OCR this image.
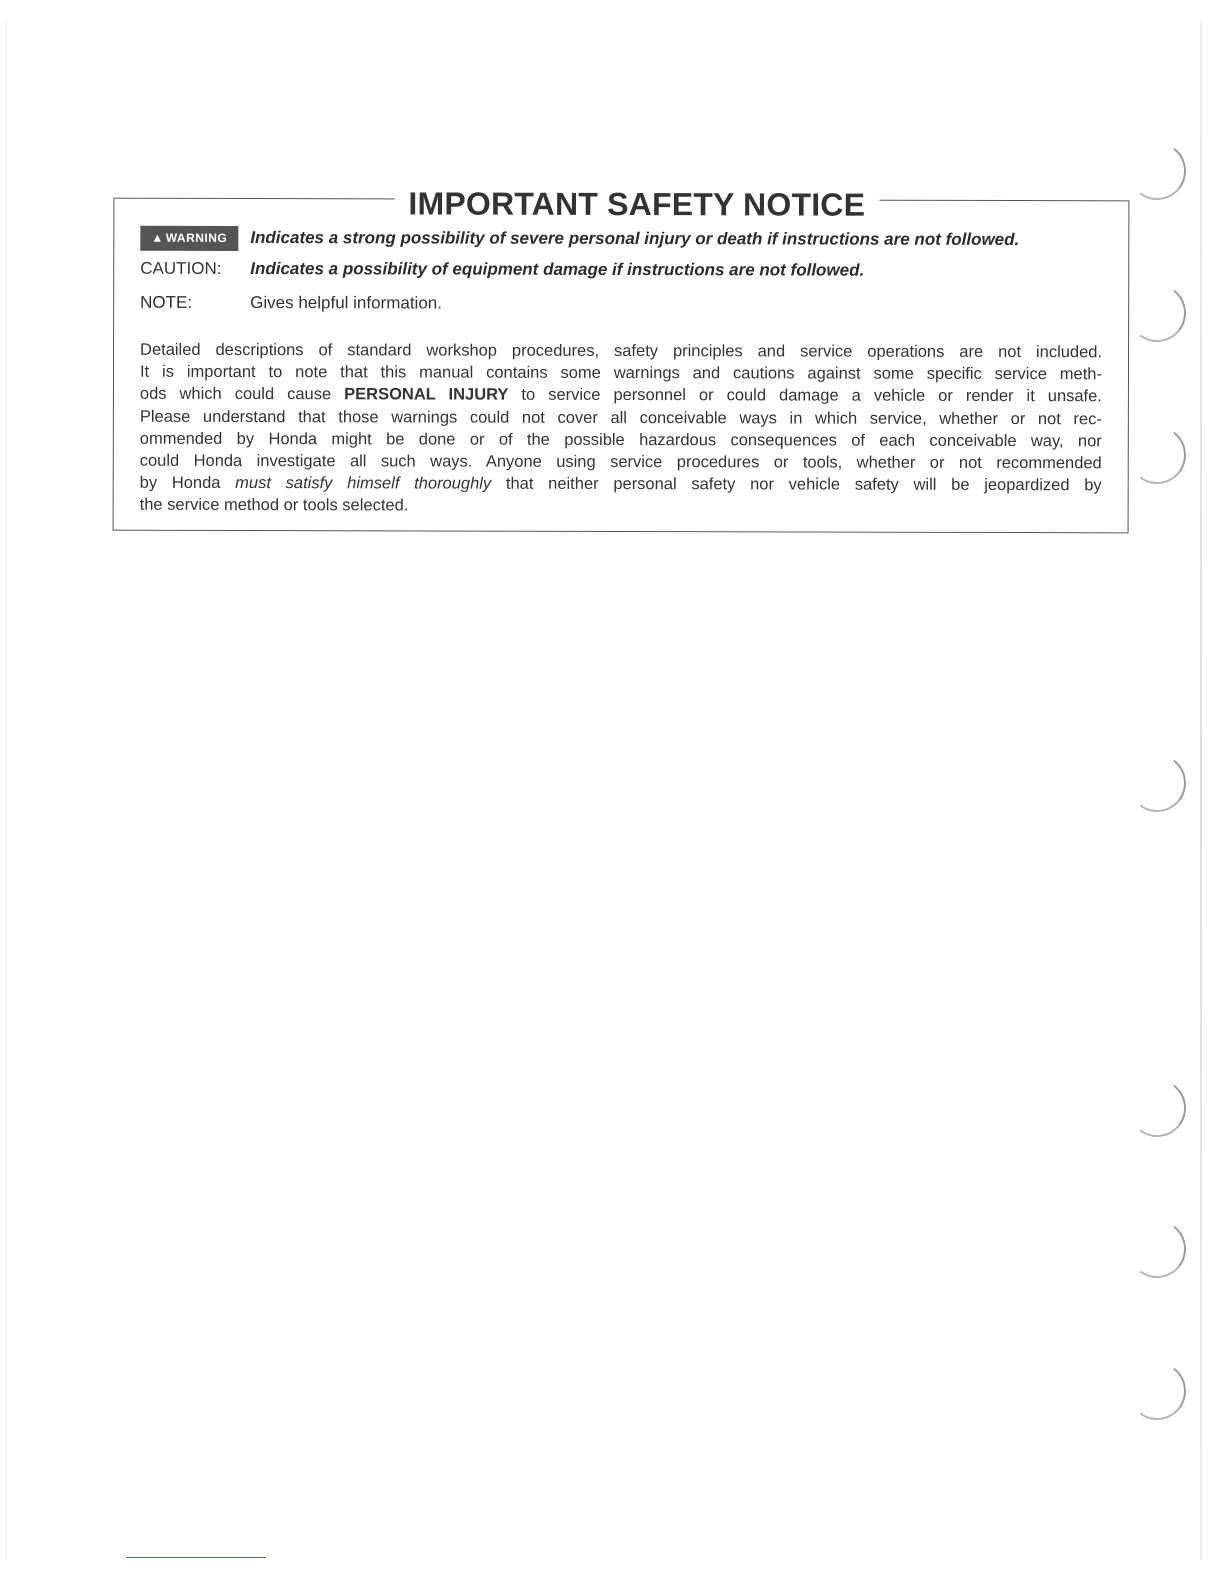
IMPORTANT SAFETY NOTICE
▲ WARNING Indicates a strong possibility of severe personal injury or death if instructions are not followed.
CAUTION: Indicates a possibility of equipment damage if instructions are not followed.
NOTE:	Gives helpful information.
Detailed descriptions of standard workshop procedures, safety principles and service operations are not included.
It is important to note that this manual contains some warnings and cautions against some specific service meth-
ods which could cause PERSONAL INJURY to service personnel or could damage a vehicle or render it unsafe.
Please understand that those warnings could not cover all conceivable ways in which service, whether or not rec-
ommended by Honda might be done or of the possible hazardous consequences of each conceivable way, nor
could Honda investigate all such ways. Anyone using service procedures or tools, whether or not recommended
by Honda must satisfy himself thoroughly that neither personal safety nor vehicle safety will be jeopardized by
the service method or tools selected.
